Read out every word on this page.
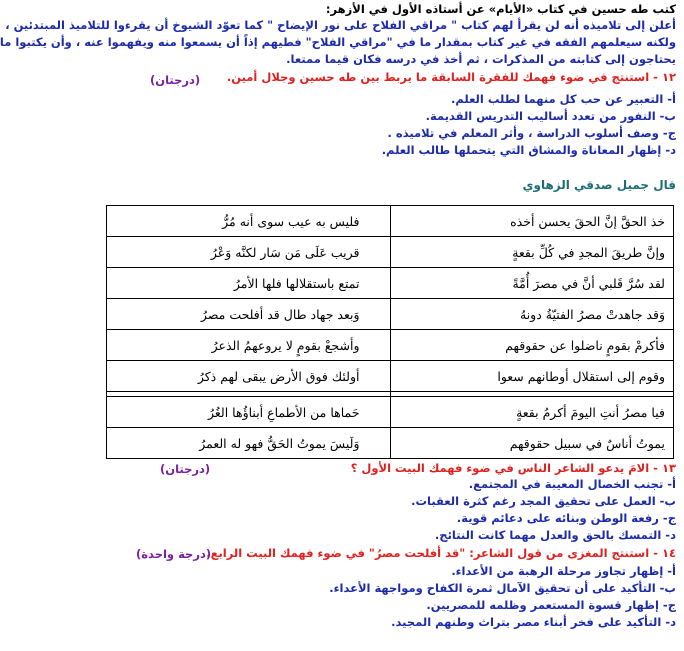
كتب طه حسين في كتاب «الأيام» عن أستاذه الأول في الأزهر:
أعلن إلى تلاميذه أنه لن يقرأ لهم كتاب " مراقي الفلاح على نور الإيضاح " كما تعوّد الشيوخ أن يقرءوا للتلاميذ المبتدئين ،
ولكنه سيعلمهم الفقه في غير كتاب بمقدار ما في "مراقي الفلاح" فطيهم إذاً أن يسمعوا منه ويفهموا عنه ، وأن يكتبوا ما
يحتاجون إلى كتابته من المذكرات ، ثم أخذ في درسه فكان قيما ممتعا.
١٢ - استنتج في ضوء فهمك للفقرة السابقة ما يربط بين طه حسين وجلال أمين.
(درجتان)
أ- التعبير عن حب كل منهما لطلب العلم.
ب- النفور من تعدد أساليب التدريس القديمة.
ج- وصف أسلوب الدراسة ، وأثر المعلم في تلاميذه .
د- إظهار المعاناة والمشاق التي يتحملها طالب العلم.
قال جميل صدقي الزهاوي
خذ الحقَّ إنَّ الحقَ يحسن أخذه	فليس به عيب سوى أنه مُرُّ
وإنَّ طريقَ المجدِ في كُلِّ بقعةٍ	قريب عَلَى مَن سَار لكنَّه وَعْرُ
لقد سُرَّ قَلبي أنَّ في مصرَ أُمَّةً	تمتع باستقلالها فلها الأمرُ
وَقد جاهدتْ مصرُ الفتيّةُ دونهُ	وَبعد جهاد طال قد أفلحت مصرُ
فأكرمْ بقومٍ ناضلوا عن حقوقهم	وأشجعْ بقومٍ لا يروعهمُ الذعرُ
وقوم إلى استقلال أوطانهم سعوا	أولئك فوق الأرض يبقى لهم ذكرُ

فيا مصرُ أنتِ اليومَ أكرمُ بقعةٍ	حَماها من الأطماعِ أبناؤُها الغُرُ
يموتُ أناسٌ في سبيل حقوقهم	وَلَيسَ يموتُ الحَقُّ فهو له العمرُ
١٣ - الامَ يدعو الشاعر الناس في ضوء فهمك البيت الأول ؟
(درجتان)
أ- تجنب الخصال المعيبة في المجتمع.
ب- العمل على تحقيق المجد رغم كثرة العقبات.
ج- رفعة الوطن وبنائه على دعائم قوية.
د- التمسك بالحق والعدل مهما كانت النتائج.
١٤ - استنتج المغزى من قول الشاعر: "قد أفلحت مصرُ" في ضوء فهمك البيت الرابع.
(درجة واحدة)
أ- إظهار تجاوز مرحلة الرهبة من الأعداء.
ب- التأكيد على أن تحقيق الآمال ثمرة الكفاح ومواجهة الأعداء.
ج- إظهار قسوة المستعمر وظلمه للمصريين.
د- التأكيد على فخر أبناء مصر بتراث وطنهم المجيد.
